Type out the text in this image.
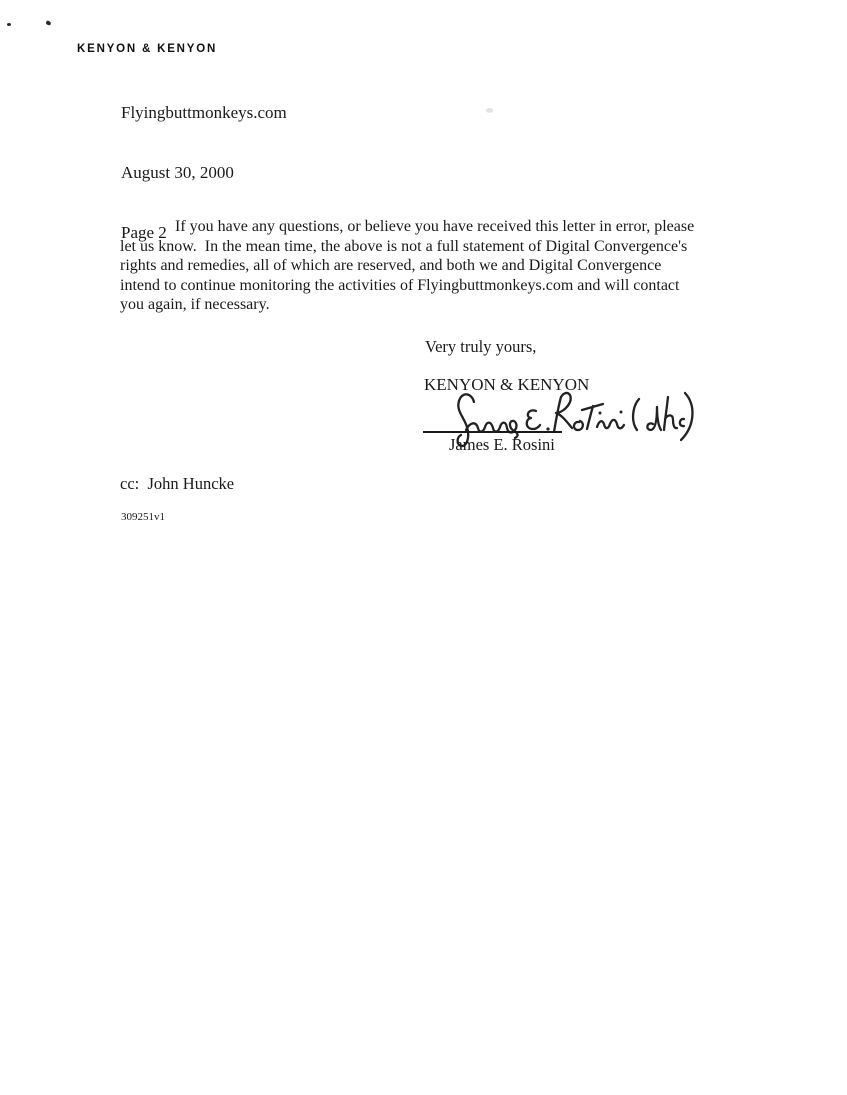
KENYON & KENYON

Flyingbuttmonkeys.com

August 30, 2000

Page 2

If you have any questions, or believe you have received this letter in error, please
let us know.  In the mean time, the above is not a full statement of Digital Convergence's
rights and remedies, all of which are reserved, and both we and Digital Convergence
intend to continue monitoring the activities of Flyingbuttmonkeys.com and will contact
you again, if necessary.
Very truly yours,
KENYON & KENYON
James E. Rosini
cc:  John Huncke
309251v1
